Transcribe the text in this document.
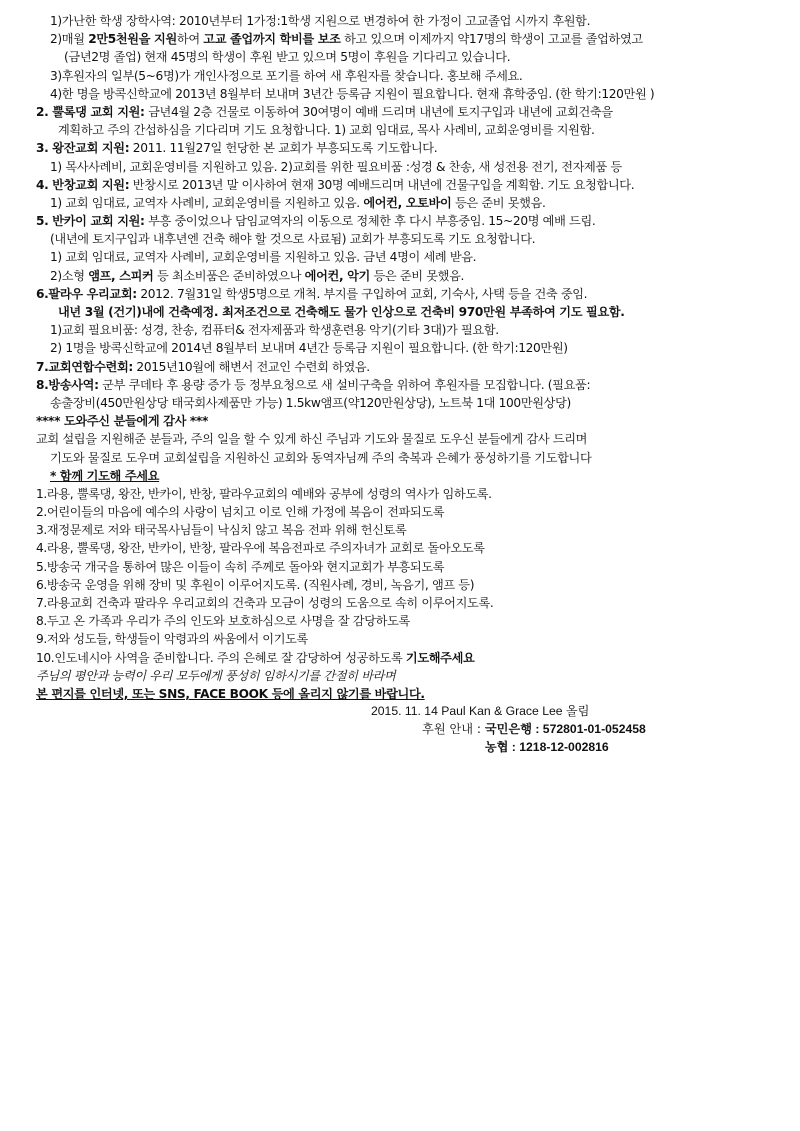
1)가난한 학생 장학사역: 2010년부터 1가정:1학생 지원으로 변경하여 한 가정이 고교졸업 시까지 후원함.
2)매월 2만5천원을 지원하여 고교 졸업까지 학비를 보조 하고 있으며 이제까지 약17명의 학생이 고교를 졸업하였고
(금년2명 졸업) 현재 45명의 학생이 후원 받고 있으며 5명이 후원을 기다리고 있습니다.
3)후원자의 일부(5~6명)가 개인사정으로 포기를 하여 새 후원자를 찾습니다. 홍보해 주세요.
4)한 명을 방콕신학교에 2013년 8월부터 보내며 3년간 등록금 지원이 필요합니다. 현재 휴학중임. (한 학기:120만원 )
2. 뿔록댕 교회 지원: 금년4월 2층 건물로 이동하여 30여명이 예배 드리며 내년에 토지구입과 내년에 교회건축을
계획하고 주의 간섭하심을 기다리며 기도 요청합니다. 1) 교회 임대료, 목사 사례비, 교회운영비를 지원함.
3. 왕잔교회 지원: 2011. 11월27일 헌당한 본 교회가 부흥되도록 기도합니다.
1) 목사사례비, 교회운영비를 지원하고 있음. 2)교회를 위한 필요비품 :성경 & 찬송, 새 성전용 전기, 전자제품 등
4. 반창교회 지원: 반창시로 2013년 말 이사하여 현재 30명 예배드리며 내년에 건물구입을 계획함. 기도 요청합니다.
1) 교회 임대료, 교역자 사례비, 교회운영비를 지원하고 있음. 에어컨, 오토바이 등은 준비 못했음.
5. 반카이 교회 지원: 부흥 중이었으나 담임교역자의 이동으로 정체한 후 다시 부흥중임. 15~20명 예배 드림.
(내년에 토지구입과 내후년엔 건축 해야 할 것으로 사료됨) 교회가 부흥되도록 기도 요청합니다.
1) 교회 임대료, 교역자 사례비, 교회운영비를 지원하고 있음. 금년 4명이 세례 받음.
2)소형 앰프, 스피커 등 최소비품은 준비하였으나 에어컨, 악기 등은 준비 못했음.
6.팔라우 우리교회: 2012. 7월31일 학생5명으로 개척. 부지를 구입하여 교회, 기숙사, 사택 등을 건축 중임.
내년 3월 (건기)내에 건축예정. 최저조건으로 건축해도 물가 인상으로 건축비 970만원 부족하여 기도 필요함.
1)교회 필요비품: 성경, 찬송, 컴퓨터& 전자제품과 학생훈련용 악기(기타 3대)가 필요함.
2) 1명을 방콕신학교에 2014년 8월부터 보내며 4년간 등록금 지원이 필요합니다. (한 학기:120만원)
7.교회연합수련회: 2015년10월에 해변서 전교인 수련회 하였음.
8.방송사역: 군부 쿠데타 후 용량 증가 등 정부요청으로 새 설비구축을 위하여 후원자를 모집합니다. (필요품:
송출장비(450만원상당 태국회사제품만 가능) 1.5kw앰프(약120만원상당), 노트북 1대 100만원상당)
**** 도와주신 분들에게 감사 ***
교회 설립을 지원해준 분들과, 주의 일을 할 수 있게 하신 주님과 기도와 물질로 도우신 분들에게 감사 드리며
기도와 물질로 도우며 교회설립을 지원하신 교회와 동역자님께 주의 축복과 은혜가 풍성하기를 기도합니다
* 함께 기도해 주세요
1.라용, 뿔록댕, 왕잔, 반카이, 반창, 팔라우교회의 예배와 공부에 성령의 역사가 임하도록.
2.어린이들의 마음에 예수의 사랑이 넘치고 이로 인해 가정에 복음이 전파되도록
3.재정문제로 저와 태국목사님들이 낙심치 않고 복음 전파 위해 헌신토록
4.라용, 뿔록댕, 왕잔, 반카이, 반창, 팔라우에 복음전파로 주의자녀가 교회로 돌아오도록
5.방송국 개국을 통하여 많은 이들이 속히 주께로 돌아와 현지교회가 부흥되도록
6.방송국 운영을 위해 장비 및 후원이 이루어지도록. (직원사례, 경비, 녹음기, 앰프 등)
7.라용교회 건축과 팔라우 우리교회의 건축과 모금이 성령의 도움으로 속히 이루어지도록.
8.두고 온 가족과 우리가 주의 인도와 보호하심으로 사명을 잘 감당하도록
9.저와 성도들, 학생들이 악령과의 싸움에서 이기도록
10.인도네시아 사역을 준비합니다. 주의 은혜로 잘 감당하여 성공하도록 기도해주세요
주님의 평안과 능력이 우리 모두에게 풍성히 임하시기를 간절히 바라며
본 편지를 인터넷, 또는 SNS, FACE BOOK 등에 올리지 않기를 바랍니다.
2015. 11. 14 Paul Kan & Grace Lee 올림
후원 안내 : 국민은행 : 572801-01-052458
농협 : 1218-12-002816
